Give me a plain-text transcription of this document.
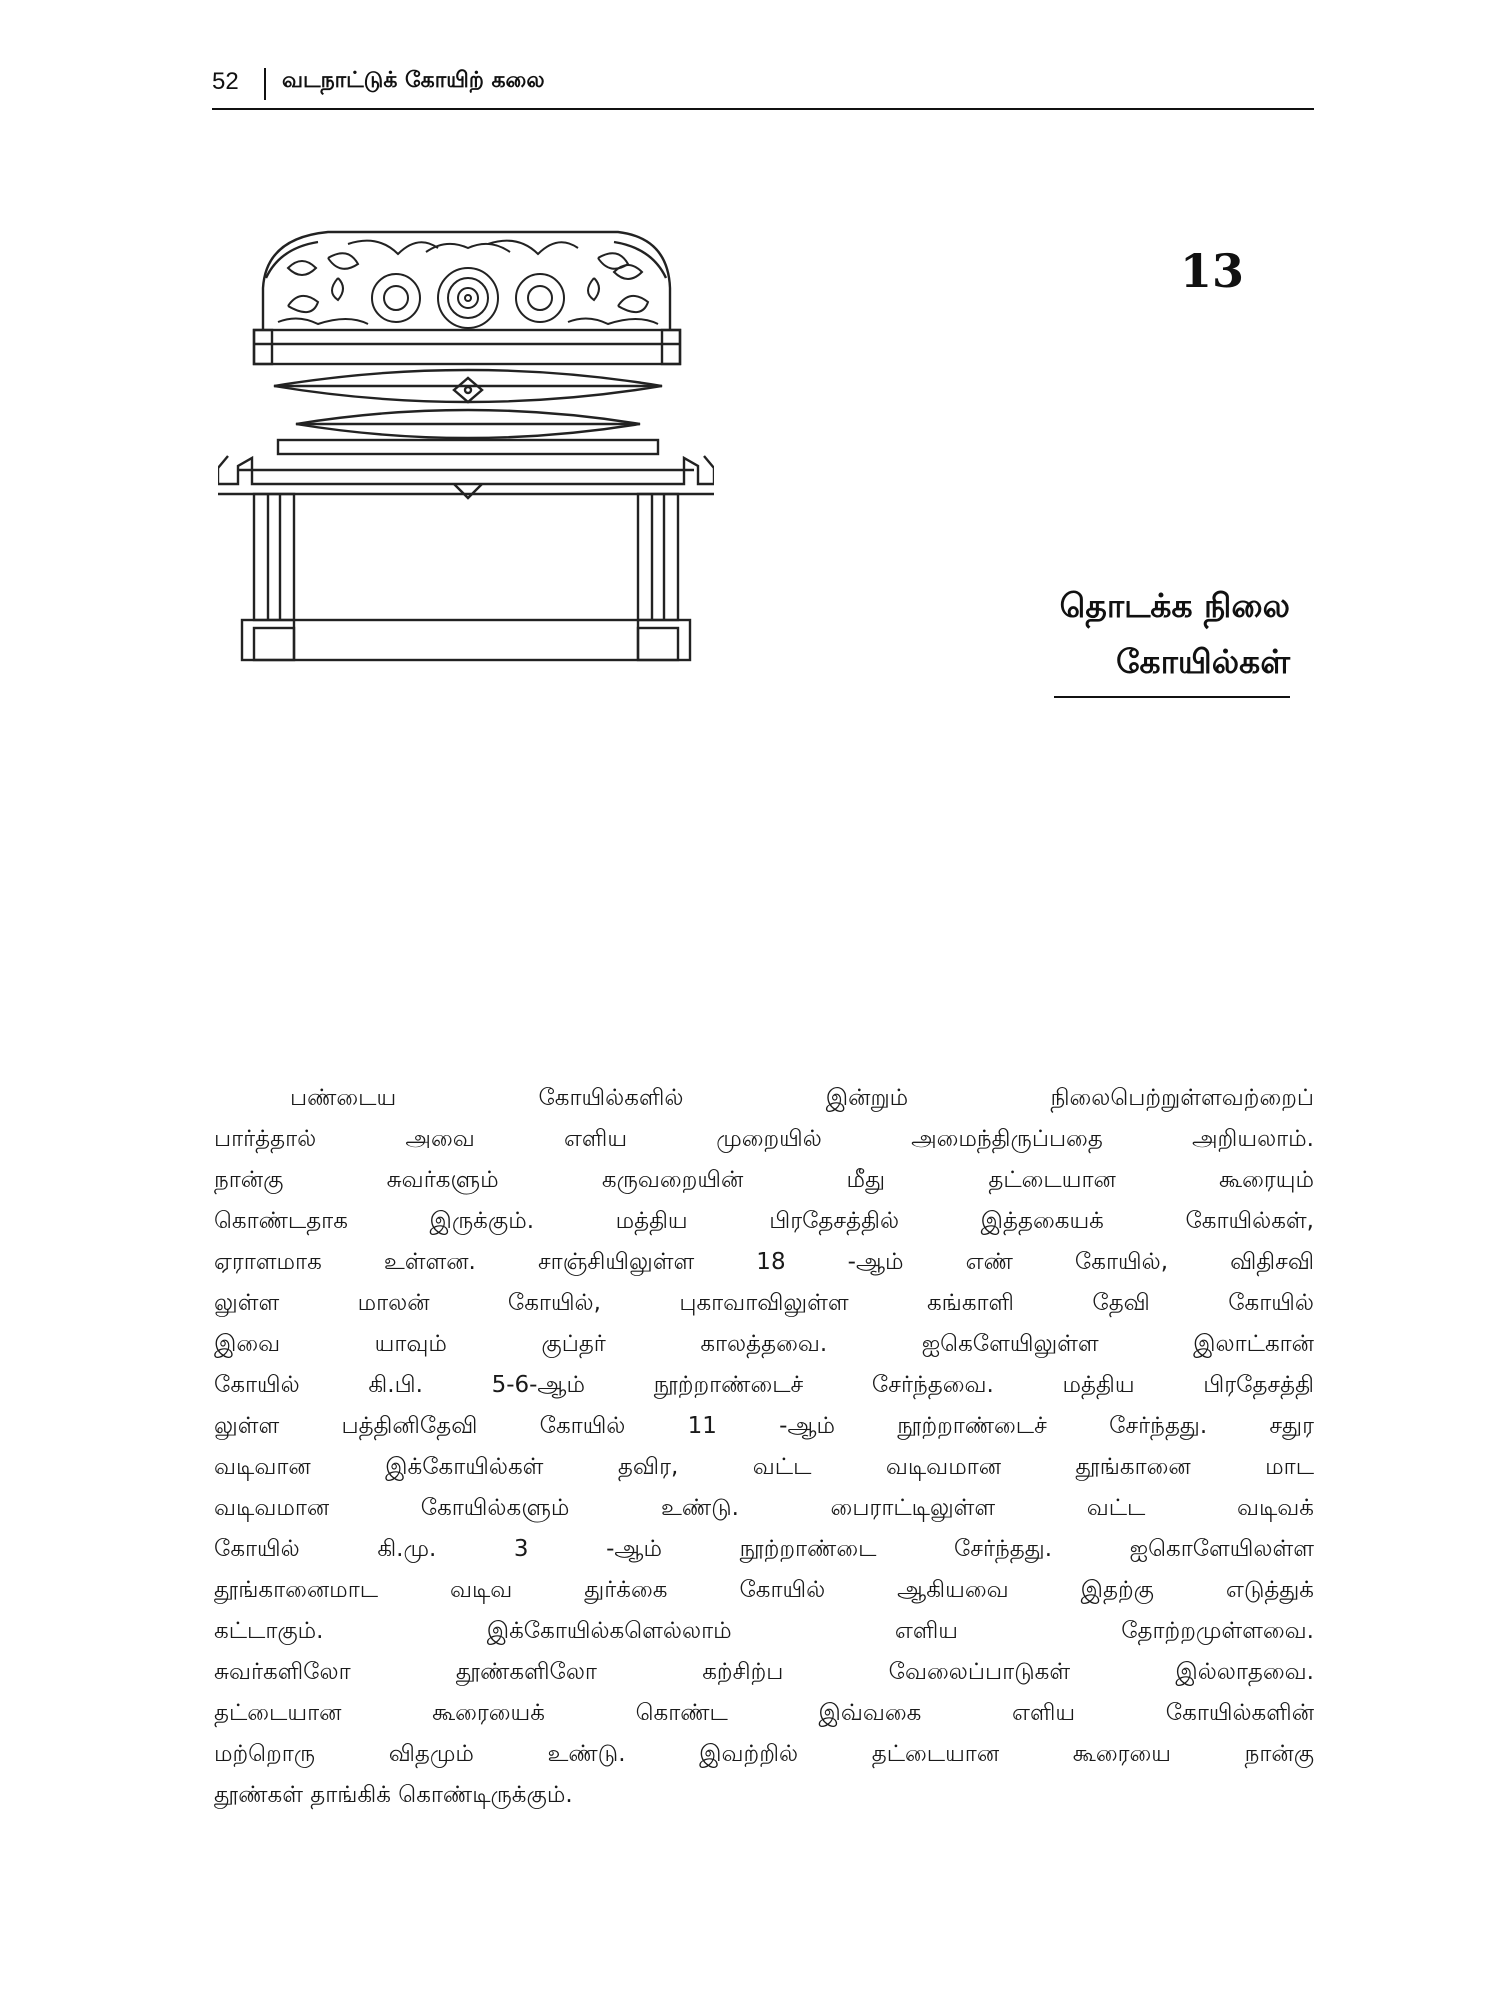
52 வடநாட்டுக் கோயிற் கலை
13
தொடக்க நிலை
கோயில்கள்
பண்டைய கோயில்களில் இன்றும் நிலைபெற்றுள்ளவற்றைப்
பார்த்தால் அவை எளிய முறையில் அமைந்திருப்பதை அறியலாம்.
நான்கு சுவர்களும் கருவறையின் மீது தட்டையான கூரையும்
கொண்டதாக இருக்கும். மத்திய பிரதேசத்தில் இத்தகையக் கோயில்கள்,
ஏராளமாக உள்ளன. சாஞ்சியிலுள்ள 18 -ஆம் எண் கோயில், விதிசவி
லுள்ள மாலன் கோயில், புகாவாவிலுள்ள கங்காளி தேவி கோயில்
இவை யாவும் குப்தர் காலத்தவை. ஐகெளேயிலுள்ள இலாட்கான்
கோயில் கி.பி. 5-6-ஆம் நூற்றாண்டைச் சேர்ந்தவை. மத்திய பிரதேசத்தி
லுள்ள பத்தினிதேவி கோயில் 11 -ஆம் நூற்றாண்டைச் சேர்ந்தது. சதுர
வடிவான இக்கோயில்கள் தவிர, வட்ட வடிவமான தூங்கானை மாட
வடிவமான கோயில்களும் உண்டு. பைராட்டிலுள்ள வட்ட வடிவக்
கோயில் கி.மு. 3 -ஆம் நூற்றாண்டை சேர்ந்தது. ஐகொளேயிலள்ள
தூங்கானைமாட வடிவ துர்க்கை கோயில் ஆகியவை இதற்கு எடுத்துக்
கட்டாகும். இக்கோயில்களெல்லாம் எளிய தோற்றமுள்ளவை.
சுவர்களிலோ தூண்களிலோ கற்சிற்ப வேலைப்பாடுகள் இல்லாதவை.
தட்டையான கூரையைக் கொண்ட இவ்வகை எளிய கோயில்களின்
மற்றொரு விதமும் உண்டு. இவற்றில் தட்டையான கூரையை நான்கு
தூண்கள் தாங்கிக் கொண்டிருக்கும்.
